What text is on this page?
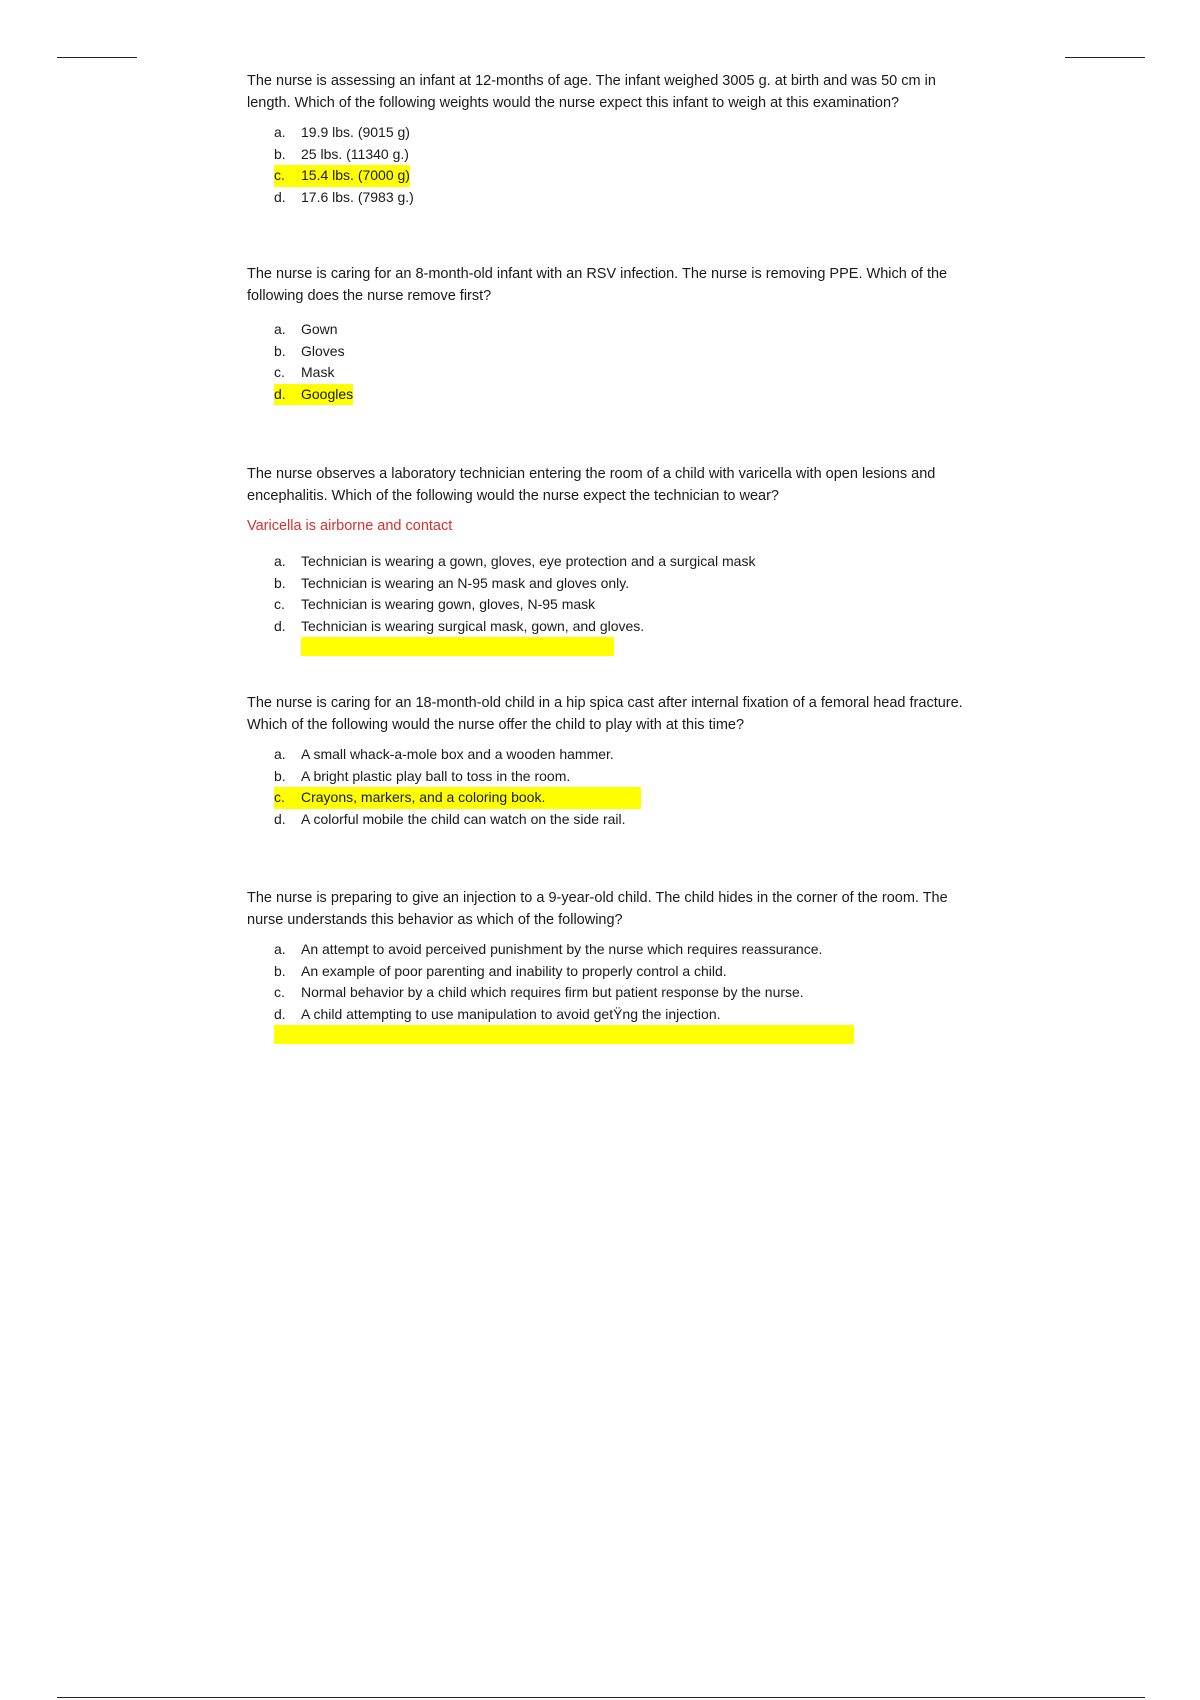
The nurse is assessing an infant at 12-months of age. The infant weighed 3005 g. at birth and was 50 cm in length. Which of the following weights would the nurse expect this infant to weigh at this examination?

a.	19.9 lbs. (9015 g)
b.	25 lbs. (11340 g.)
c.	15.4 lbs. (7000 g)
d.	17.6 lbs. (7983 g.)

The nurse is caring for an 8-month-old infant with an RSV infection. The nurse is removing PPE. Which of the following does the nurse remove first?

a.	Gown
b.	Gloves
c.	Mask
d.	Googles

The nurse observes a laboratory technician entering the room of a child with varicella with open lesions and encephalitis. Which of the following would the nurse expect the technician to wear?

Varicella is airborne and contact

a.	Technician is wearing a gown, gloves, eye protection and a surgical mask
b.	Technician is wearing an N-95 mask and gloves only.
c.	Technician is wearing gown, gloves, N-95 mask
d.	Technician is wearing surgical mask, gown, and gloves.

The nurse is caring for an 18-month-old child in a hip spica cast after internal fixation of a femoral head fracture. Which of the following would the nurse offer the child to play with at this time?

a.	A small whack-a-mole box and a wooden hammer.
b.	A bright plastic play ball to toss in the room.
c.	Crayons, markers, and a coloring book.
d.	A colorful mobile the child can watch on the side rail.

The nurse is preparing to give an injection to a 9-year-old child. The child hides in the corner of the room. The nurse understands this behavior as which of the following?

a.	An attempt to avoid perceived punishment by the nurse which requires reassurance.
b.	An example of poor parenting and inability to properly control a child.
c.	Normal behavior by a child which requires firm but patient response by the nurse.
d.	A child attempting to use manipulation to avoid getŸng the injection.
